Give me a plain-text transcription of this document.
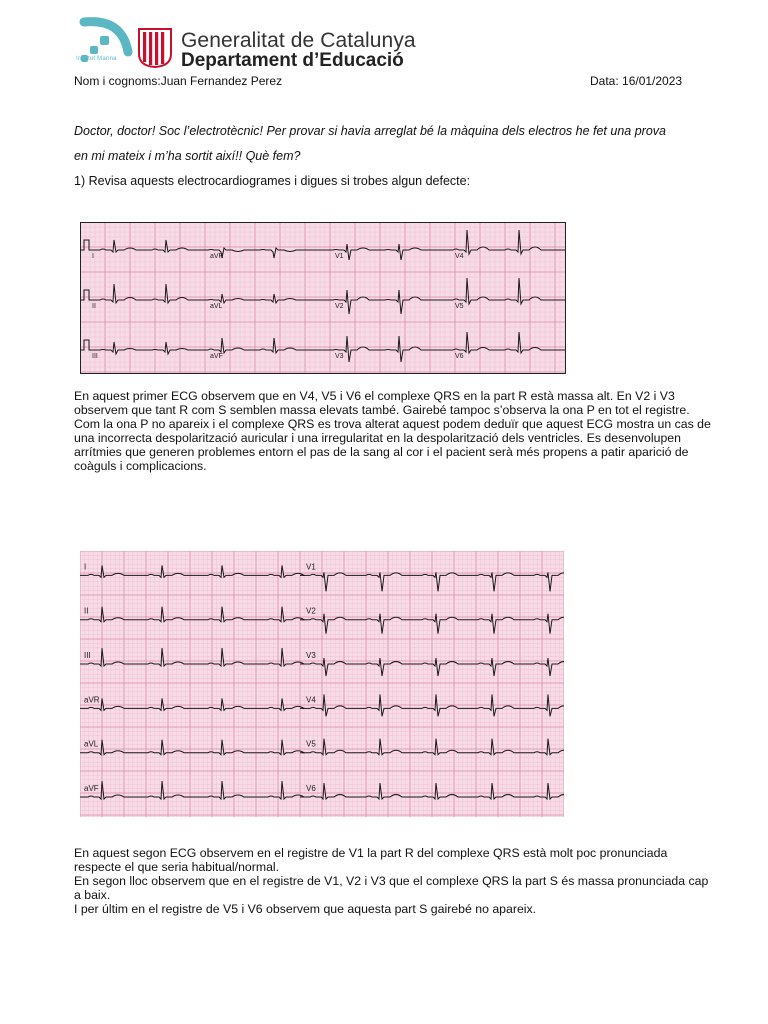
Institut Marina
Generalitat de Catalunya
Departament d’Educació
Nom i cognoms:Juan Fernandez Perez	Data: 16/01/2023
Doctor, doctor! Soc l’electrotècnic! Per provar si havia arreglat bé la màquina dels electros he fet una prova
en mi mateix i m’ha sortit així!! Què fem?
1) Revisa aquests electrocardiogrames i digues si trobes algun defecte:
I	aVR	V1	V4
II	aVL	V2	V5
III	aVF	V3	V6

En aquest primer ECG observem que en V4, V5 i V6 el complexe QRS en la part R està massa alt. En V2 i V3 observem que tant R com S semblen massa elevats també. Gairebé tampoc s’observa la ona P en tot el registre.

Com la ona P no apareix i el complexe QRS es trova alterat aquest podem deduïr que aquest ECG mostra un cas de una incorrecta despolarització auricular i una irregularitat en la despolarització dels ventricles. Es desenvolupen arrítmies que generen problemes entorn el pas de la sang al cor i el pacient serà més propens a patir aparició de coàguls i complicacions.

I	V1
II	V2
III	V3
aVR	V4
aVL	V5
aVF	V6

En aquest segon ECG observem en el registre de V1 la part R del complexe QRS està molt poc pronunciada respecte el que seria habitual/normal.

En segon lloc observem que en el registre de V1, V2 i V3 que el complexe QRS la part S és massa pronunciada cap a baix.

I per últim en el registre de V5 i V6 observem que aquesta part S gairebé no apareix.
